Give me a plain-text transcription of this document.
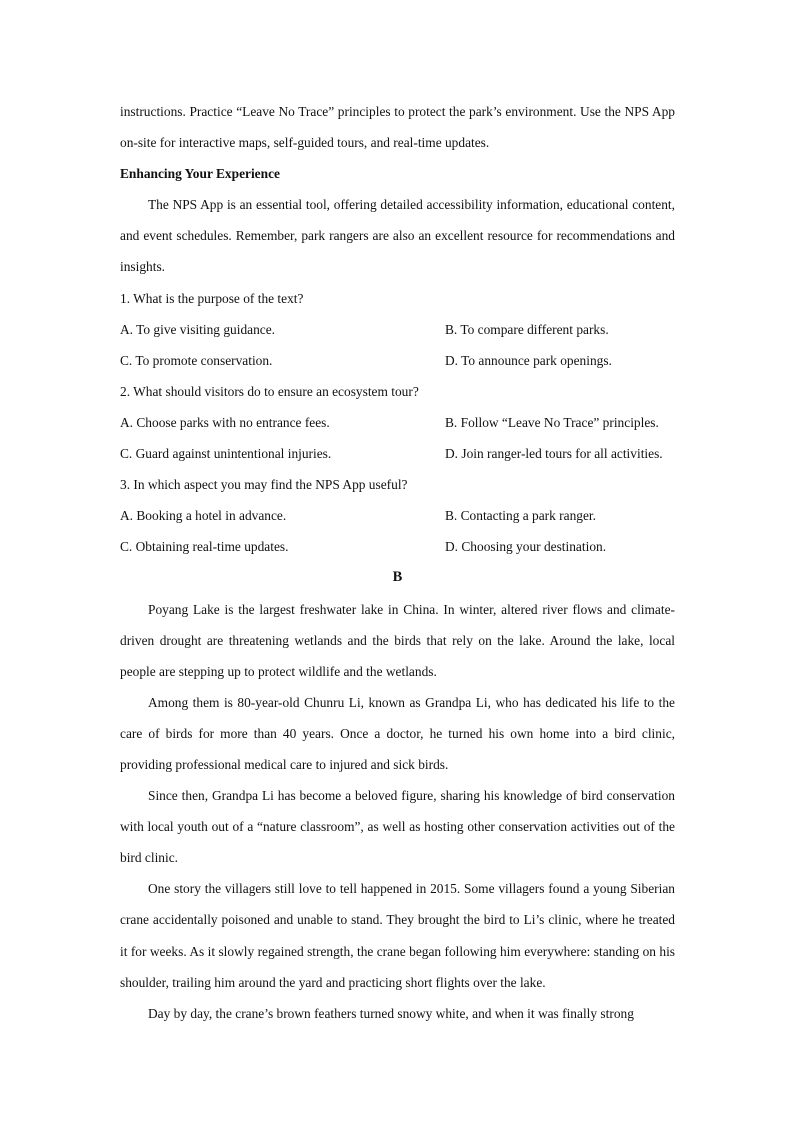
instructions. Practice “Leave No Trace” principles to protect the park’s environment. Use the NPS App on-site for interactive maps, self-guided tours, and real-time updates.

Enhancing Your Experience

The NPS App is an essential tool, offering detailed accessibility information, educational content, and event schedules. Remember, park rangers are also an excellent resource for recommendations and insights.

1. What is the purpose of the text?

A. To give visiting guidance.	B. To compare different parks.

C. To promote conservation.	D. To announce park openings.

2. What should visitors do to ensure an ecosystem tour?

A. Choose parks with no entrance fees.	B. Follow “Leave No Trace” principles.

C. Guard against unintentional injuries.	D. Join ranger-led tours for all activities.

3. In which aspect you may find the NPS App useful?

A. Booking a hotel in advance.	B. Contacting a park ranger.

C. Obtaining real-time updates.	D. Choosing your destination.

B

Poyang Lake is the largest freshwater lake in China. In winter, altered river flows and climate-driven drought are threatening wetlands and the birds that rely on the lake. Around the lake, local people are stepping up to protect wildlife and the wetlands.

Among them is 80-year-old Chunru Li, known as Grandpa Li, who has dedicated his life to the care of birds for more than 40 years. Once a doctor, he turned his own home into a bird clinic, providing professional medical care to injured and sick birds.

Since then, Grandpa Li has become a beloved figure, sharing his knowledge of bird conservation with local youth out of a “nature classroom”, as well as hosting other conservation activities out of the bird clinic.

One story the villagers still love to tell happened in 2015. Some villagers found a young Siberian crane accidentally poisoned and unable to stand. They brought the bird to Li’s clinic, where he treated it for weeks. As it slowly regained strength, the crane began following him everywhere: standing on his shoulder, trailing him around the yard and practicing short flights over the lake.

Day by day, the crane’s brown feathers turned snowy white, and when it was finally strong
